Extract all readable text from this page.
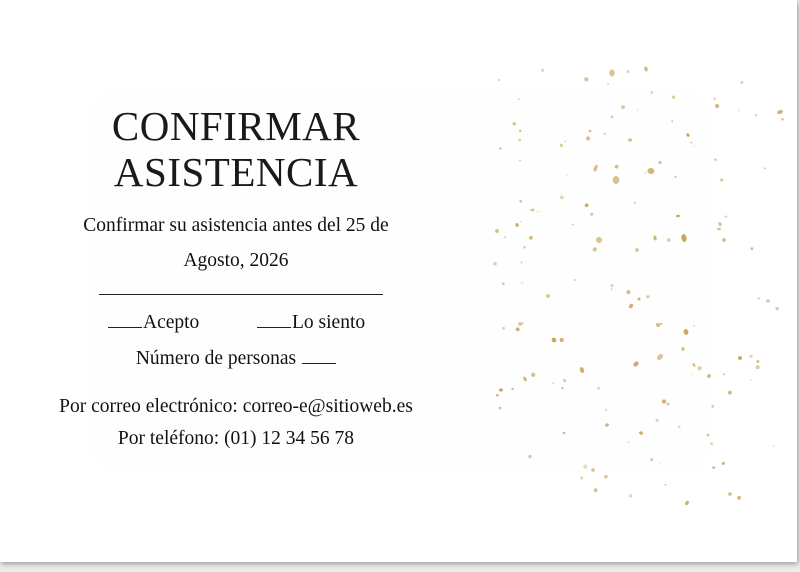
CONFIRMAR
ASISTENCIA
Confirmar su asistencia antes del 25 de
Agosto, 2026
Acepto	Lo siento
Número de personas
Por correo electrónico: correo-e@sitioweb.es
Por teléfono: (01) 12 34 56 78
